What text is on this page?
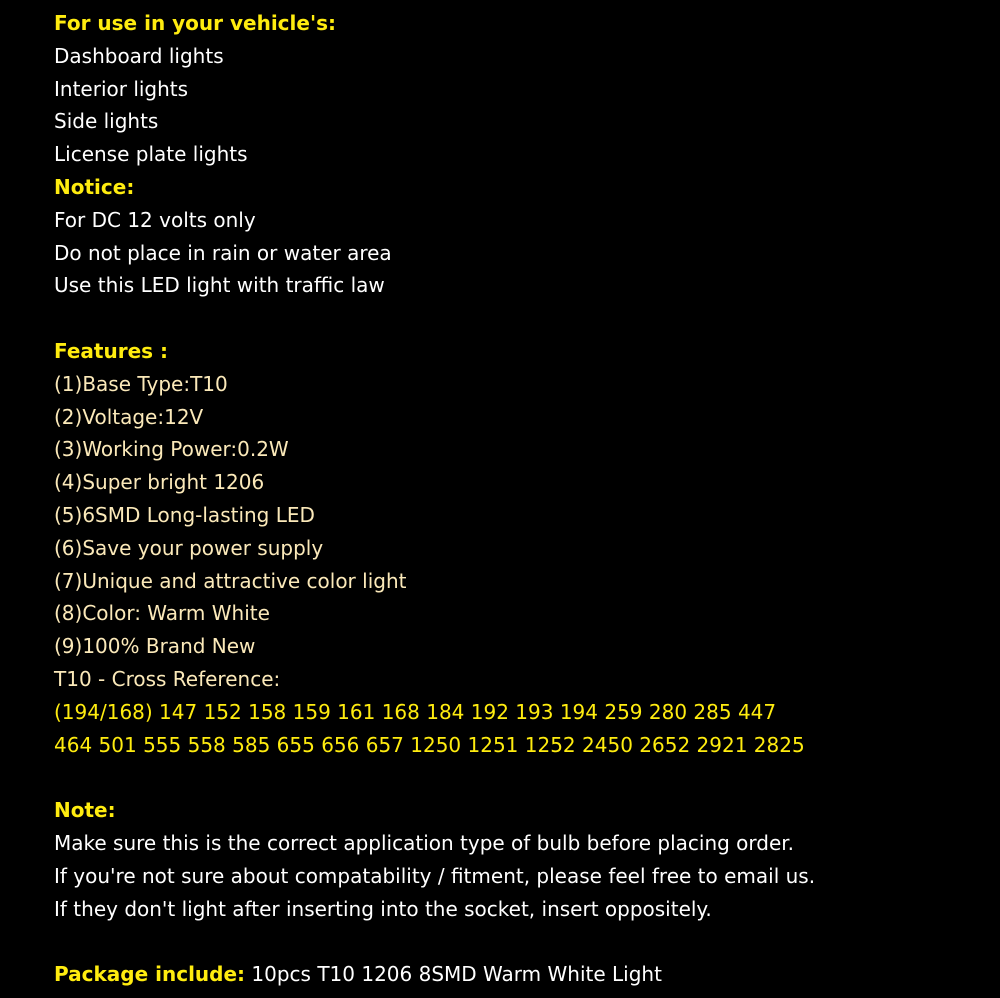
For use in your vehicle's:
Dashboard lights
Interior lights
Side lights
License plate lights
Notice:
For DC 12 volts only
Do not place in rain or water area
Use this LED light with traffic law
Features :
(1)Base Type:T10
(2)Voltage:12V
(3)Working Power:0.2W
(4)Super bright 1206
(5)6SMD Long-lasting LED
(6)Save your power supply
(7)Unique and attractive color light
(8)Color: Warm White
(9)100% Brand New
T10 - Cross Reference:
(194/168) 147 152 158 159 161 168 184 192 193 194 259 280 285 447
464 501 555 558 585 655 656 657 1250 1251 1252 2450 2652 2921 2825
Note:
Make sure this is the correct application type of bulb before placing order.
If you're not sure about compatability / fitment, please feel free to email us.
If they don't light after inserting into the socket, insert oppositely.
Package include: 10pcs T10 1206 8SMD Warm White Light
